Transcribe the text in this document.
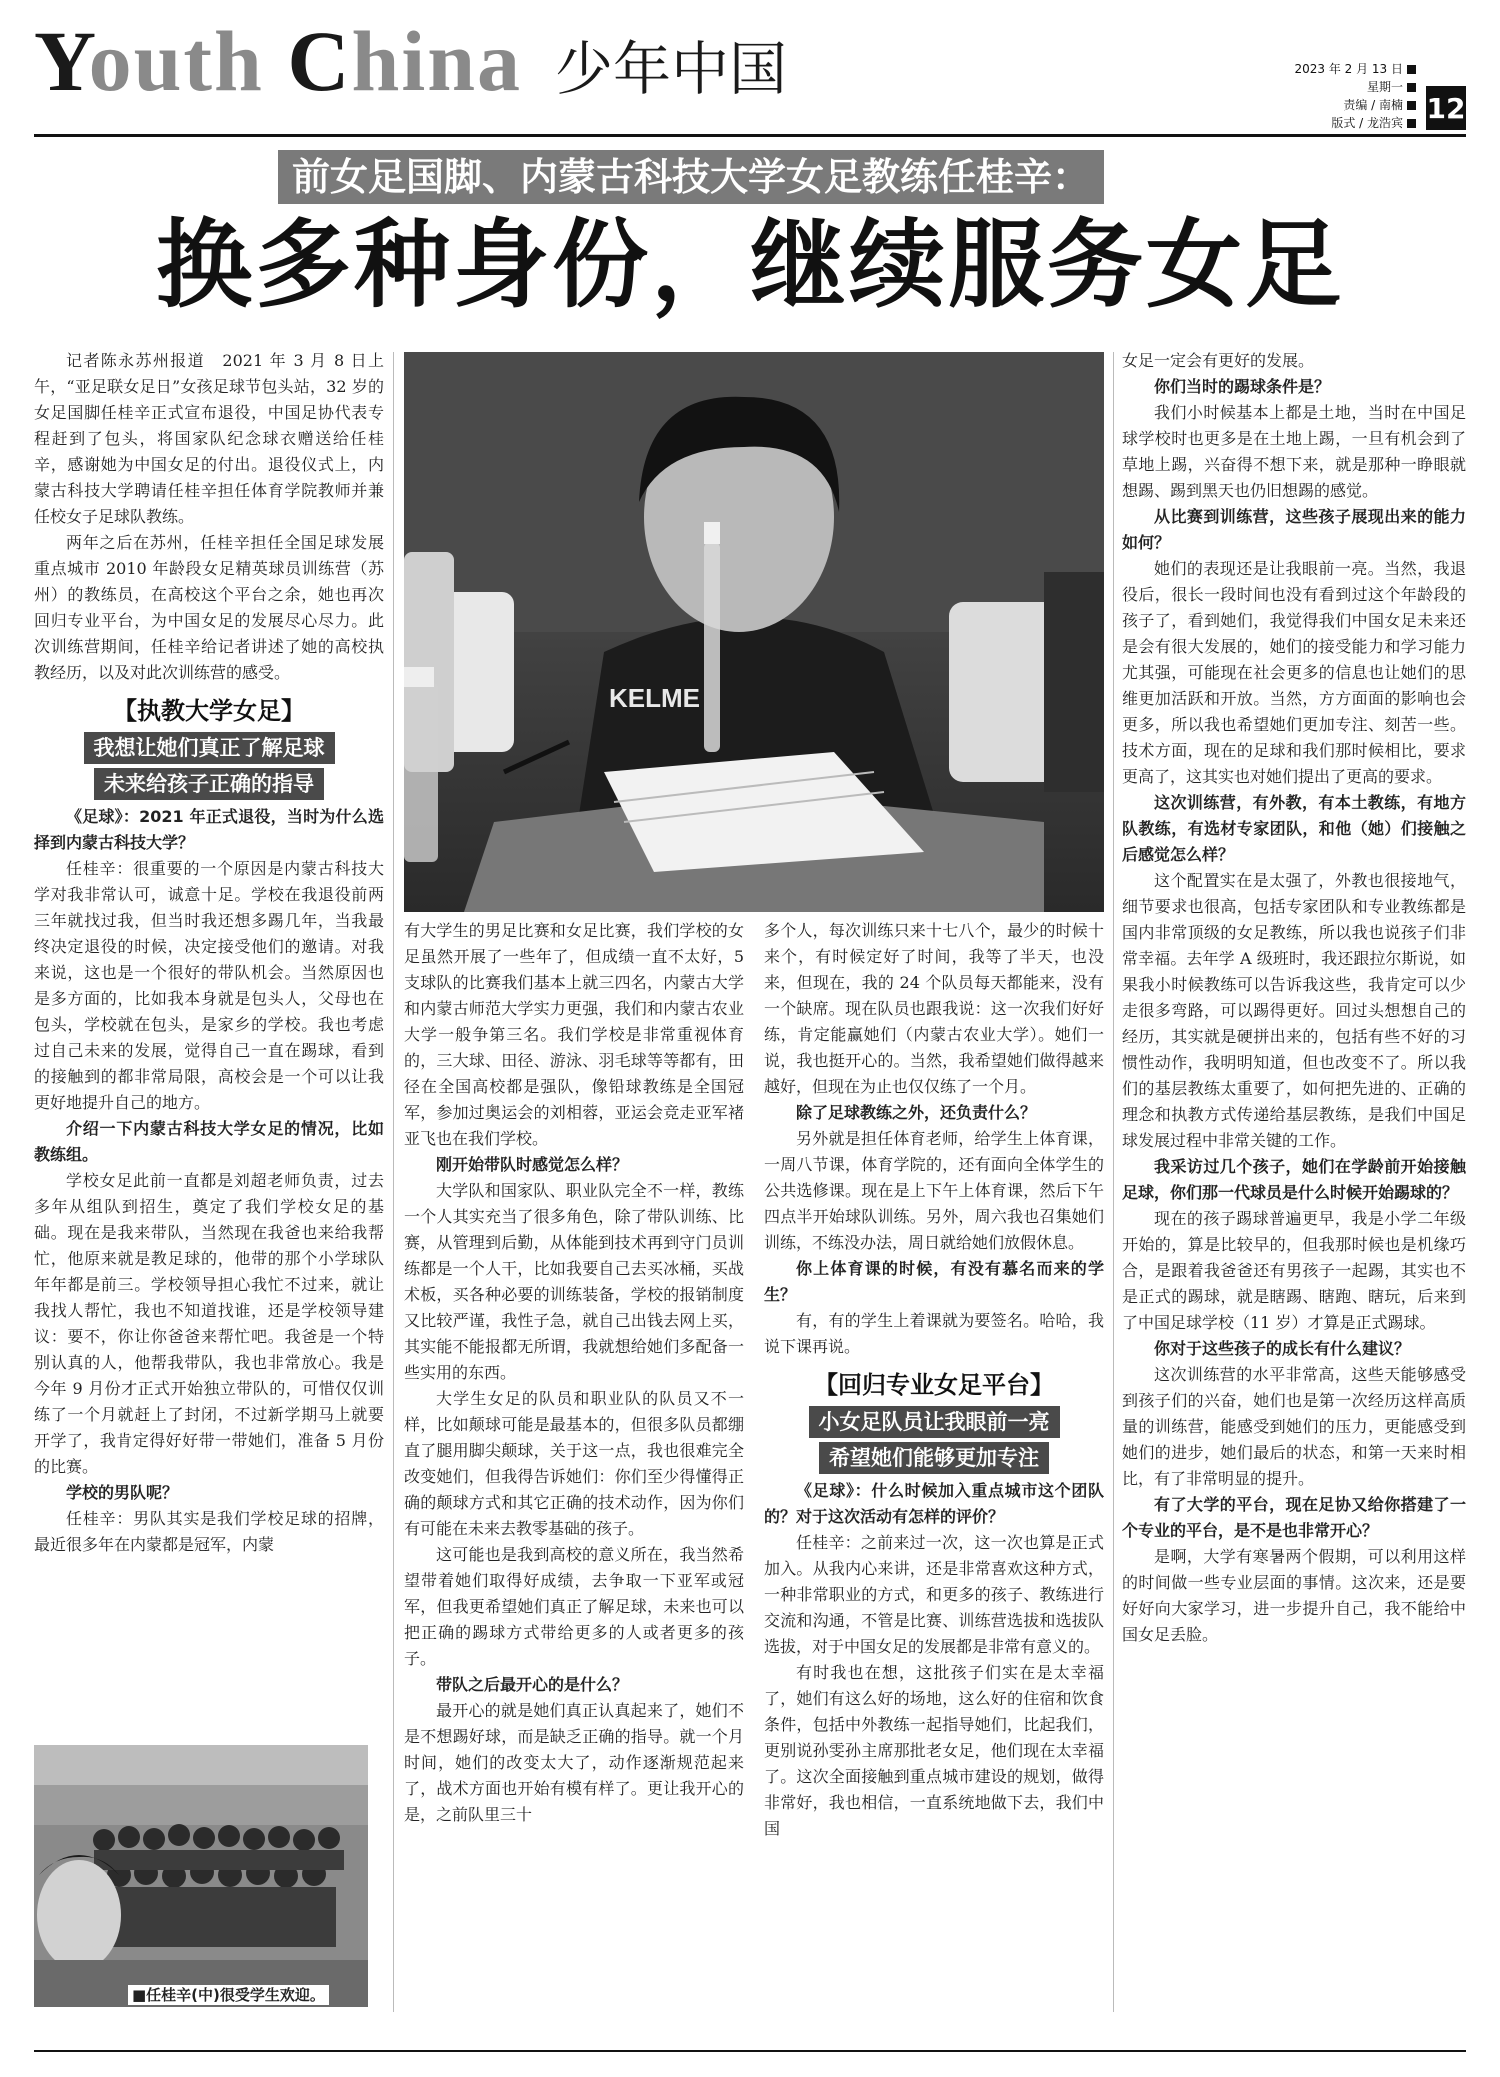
Youth China 少年中国	2023 年 2 月 13 日
星期一
责编 / 南楠
版式 / 龙浩宾 12
前女足国脚、内蒙古科技大学女足教练任桂辛：
换多种身份，继续服务女足
KELME

记者陈永苏州报道　2021 年 3 月 8 日上午，“亚足联女足日”女孩足球节包头站，32 岁的女足国脚任桂辛正式宣布退役，中国足协代表专程赶到了包头，将国家队纪念球衣赠送给任桂辛，感谢她为中国女足的付出。退役仪式上，内蒙古科技大学聘请任桂辛担任体育学院教师并兼任校女子足球队教练。

两年之后在苏州，任桂辛担任全国足球发展重点城市 2010 年龄段女足精英球员训练营（苏州）的教练员，在高校这个平台之余，她也再次回归专业平台，为中国女足的发展尽心尽力。此次训练营期间，任桂辛给记者讲述了她的高校执教经历，以及对此次训练营的感受。

【执教大学女足】
我想让她们真正了解足球
未来给孩子正确的指导

《足球》：2021 年正式退役，当时为什么选择到内蒙古科技大学？

任桂辛：很重要的一个原因是内蒙古科技大学对我非常认可，诚意十足。学校在我退役前两三年就找过我，但当时我还想多踢几年，当我最终决定退役的时候，决定接受他们的邀请。对我来说，这也是一个很好的带队机会。当然原因也是多方面的，比如我本身就是包头人，父母也在包头，学校就在包头，是家乡的学校。我也考虑过自己未来的发展，觉得自己一直在踢球，看到的接触到的都非常局限，高校会是一个可以让我更好地提升自己的地方。

介绍一下内蒙古科技大学女足的情况，比如教练组。

学校女足此前一直都是刘超老师负责，过去多年从组队到招生，奠定了我们学校女足的基础。现在是我来带队，当然现在我爸也来给我帮忙，他原来就是教足球的，他带的那个小学球队年年都是前三。学校领导担心我忙不过来，就让我找人帮忙，我也不知道找谁，还是学校领导建议：要不，你让你爸爸来帮忙吧。我爸是一个特别认真的人，他帮我带队，我也非常放心。我是今年 9 月份才正式开始独立带队的，可惜仅仅训练了一个月就赶上了封闭，不过新学期马上就要开学了，我肯定得好好带一带她们，准备 5 月份的比赛。

学校的男队呢？

任桂辛：男队其实是我们学校足球的招牌，最近很多年在内蒙都是冠军，内蒙

■任桂辛(中)很受学生欢迎。

有大学生的男足比赛和女足比赛，我们学校的女足虽然开展了一些年了，但成绩一直不太好，5 支球队的比赛我们基本上就三四名，内蒙古大学和内蒙古师范大学实力更强，我们和内蒙古农业大学一般争第三名。我们学校是非常重视体育的，三大球、田径、游泳、羽毛球等等都有，田径在全国高校都是强队，像铅球教练是全国冠军，参加过奥运会的刘相蓉，亚运会竞走亚军褚亚飞也在我们学校。

刚开始带队时感觉怎么样？

大学队和国家队、职业队完全不一样，教练一个人其实充当了很多角色，除了带队训练、比赛，从管理到后勤，从体能到技术再到守门员训练都是一个人干，比如我要自己去买冰桶，买战术板，买各种必要的训练装备，学校的报销制度又比较严谨，我性子急，就自己出钱去网上买，其实能不能报都无所谓，我就想给她们多配备一些实用的东西。

大学生女足的队员和职业队的队员又不一样，比如颠球可能是最基本的，但很多队员都绷直了腿用脚尖颠球，关于这一点，我也很难完全改变她们，但我得告诉她们：你们至少得懂得正确的颠球方式和其它正确的技术动作，因为你们有可能在未来去教零基础的孩子。

这可能也是我到高校的意义所在，我当然希望带着她们取得好成绩，去争取一下亚军或冠军，但我更希望她们真正了解足球，未来也可以把正确的踢球方式带给更多的人或者更多的孩子。

带队之后最开心的是什么？

最开心的就是她们真正认真起来了，她们不是不想踢好球，而是缺乏正确的指导。就一个月时间，她们的改变太大了，动作逐渐规范起来了，战术方面也开始有模有样了。更让我开心的是，之前队里三十

多个人，每次训练只来十七八个，最少的时候十来个，有时候定好了时间，我等了半天，也没来，但现在，我的 24 个队员每天都能来，没有一个缺席。现在队员也跟我说：这一次我们好好练，肯定能赢她们（内蒙古农业大学）。她们一说，我也挺开心的。当然，我希望她们做得越来越好，但现在为止也仅仅练了一个月。

除了足球教练之外，还负责什么？

另外就是担任体育老师，给学生上体育课，一周八节课，体育学院的，还有面向全体学生的公共选修课。现在是上下午上体育课，然后下午四点半开始球队训练。另外，周六我也召集她们训练，不练没办法，周日就给她们放假休息。

你上体育课的时候，有没有慕名而来的学生？

有，有的学生上着课就为要签名。哈哈，我说下课再说。

【回归专业女足平台】
小女足队员让我眼前一亮
希望她们能够更加专注

《足球》：什么时候加入重点城市这个团队的？对于这次活动有怎样的评价？

任桂辛：之前来过一次，这一次也算是正式加入。从我内心来讲，还是非常喜欢这种方式，一种非常职业的方式，和更多的孩子、教练进行交流和沟通，不管是比赛、训练营选拔和选拔队选拔，对于中国女足的发展都是非常有意义的。

有时我也在想，这批孩子们实在是太幸福了，她们有这么好的场地，这么好的住宿和饮食条件，包括中外教练一起指导她们，比起我们，更别说孙雯孙主席那批老女足，他们现在太幸福了。这次全面接触到重点城市建设的规划，做得非常好，我也相信，一直系统地做下去，我们中国

女足一定会有更好的发展。

你们当时的踢球条件是？

我们小时候基本上都是土地，当时在中国足球学校时也更多是在土地上踢，一旦有机会到了草地上踢，兴奋得不想下来，就是那种一睁眼就想踢、踢到黑天也仍旧想踢的感觉。

从比赛到训练营，这些孩子展现出来的能力如何？

她们的表现还是让我眼前一亮。当然，我退役后，很长一段时间也没有看到过这个年龄段的孩子了，看到她们，我觉得我们中国女足未来还是会有很大发展的，她们的接受能力和学习能力尤其强，可能现在社会更多的信息也让她们的思维更加活跃和开放。当然，方方面面的影响也会更多，所以我也希望她们更加专注、刻苦一些。技术方面，现在的足球和我们那时候相比，要求更高了，这其实也对她们提出了更高的要求。

这次训练营，有外教，有本土教练，有地方队教练，有选材专家团队，和他（她）们接触之后感觉怎么样？

这个配置实在是太强了，外教也很接地气，细节要求也很高，包括专家团队和专业教练都是国内非常顶级的女足教练，所以我也说孩子们非常幸福。去年学 A 级班时，我还跟拉尔斯说，如果我小时候教练可以告诉我这些，我肯定可以少走很多弯路，可以踢得更好。回过头想想自己的经历，其实就是硬拼出来的，包括有些不好的习惯性动作，我明明知道，但也改变不了。所以我们的基层教练太重要了，如何把先进的、正确的理念和执教方式传递给基层教练，是我们中国足球发展过程中非常关键的工作。

我采访过几个孩子，她们在学龄前开始接触足球，你们那一代球员是什么时候开始踢球的？

现在的孩子踢球普遍更早，我是小学二年级开始的，算是比较早的，但我那时候也是机缘巧合，是跟着我爸爸还有男孩子一起踢，其实也不是正式的踢球，就是瞎踢、瞎跑、瞎玩，后来到了中国足球学校（11 岁）才算是正式踢球。

你对于这些孩子的成长有什么建议？

这次训练营的水平非常高，这些天能够感受到孩子们的兴奋，她们也是第一次经历这样高质量的训练营，能感受到她们的压力，更能感受到她们的进步，她们最后的状态，和第一天来时相比，有了非常明显的提升。

有了大学的平台，现在足协又给你搭建了一个专业的平台，是不是也非常开心？

是啊，大学有寒暑两个假期，可以利用这样的时间做一些专业层面的事情。这次来，还是要好好向大家学习，进一步提升自己，我不能给中国女足丢脸。
